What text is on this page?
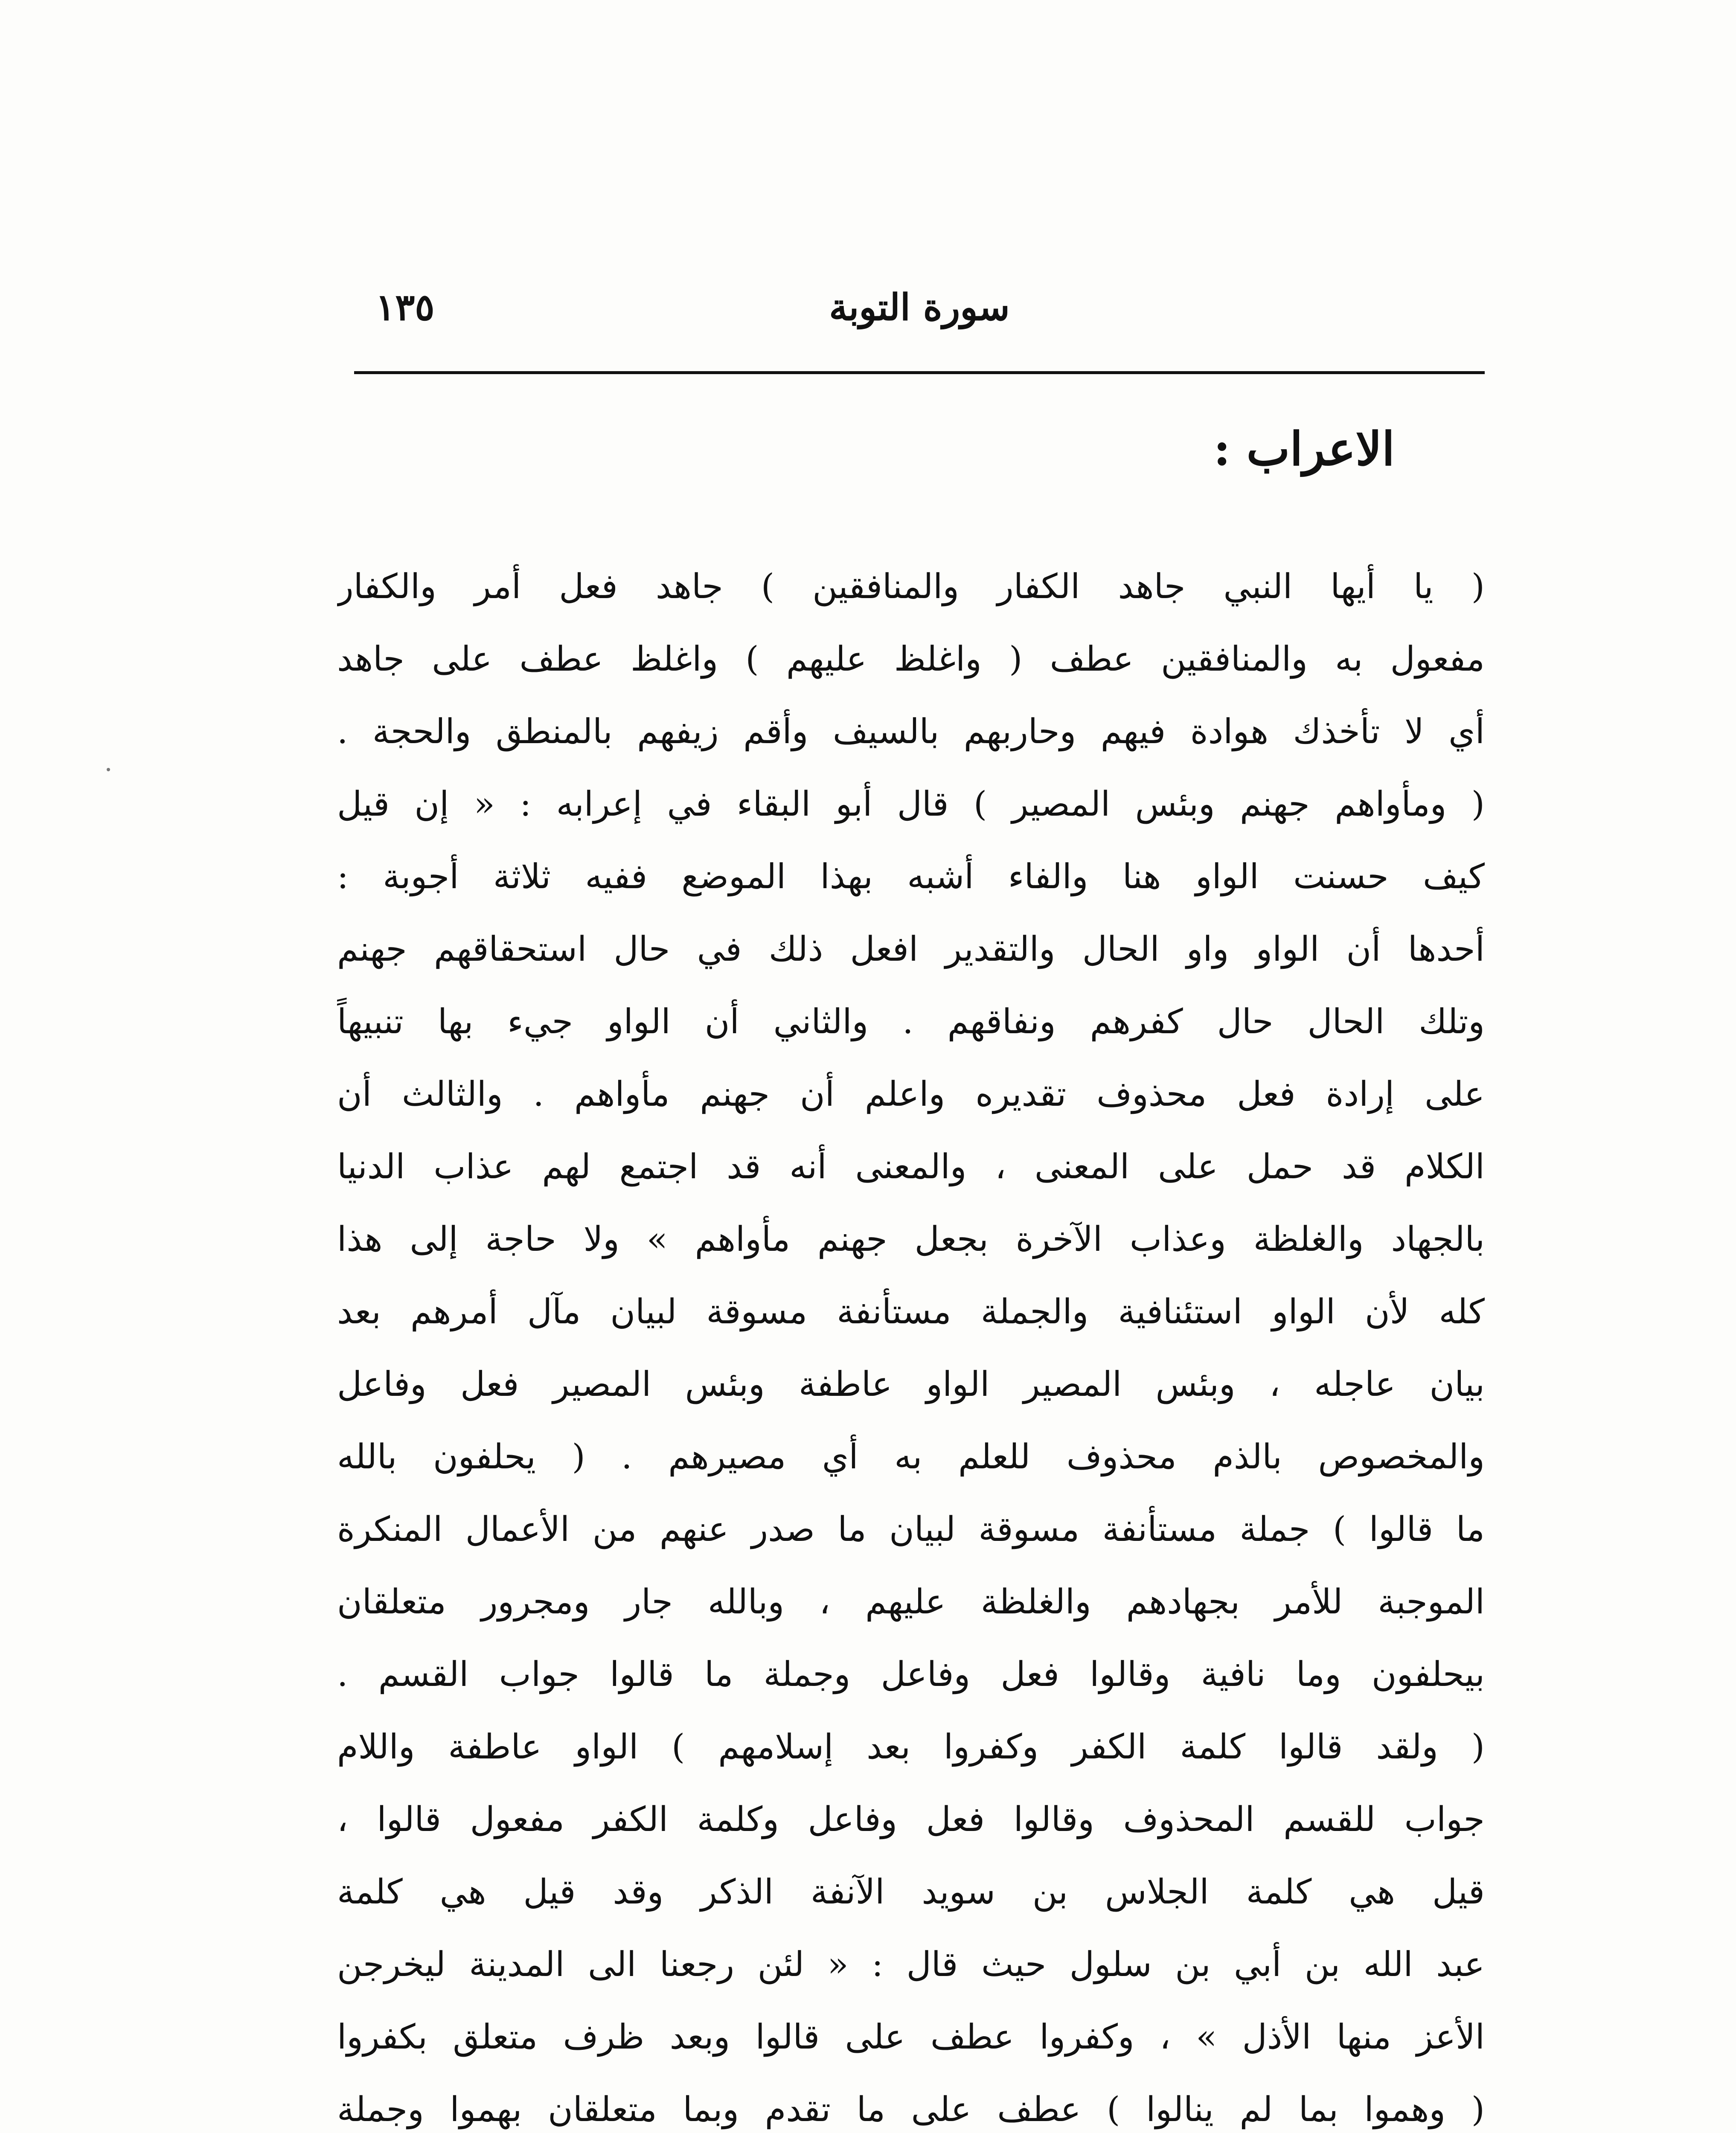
سورة التوبة
١٣٥
الاعراب :
( يا أيها النبي جاهد الكفار والمنافقين ) جاهد فعل أمر والكفار
مفعول به والمنافقين عطف ( واغلظ عليهم ) واغلظ عطف على جاهد
أي لا تأخذك هوادة فيهم وحاربهم بالسيف وأقم زيفهم بالمنطق والحجة .
( ومأواهم جهنم وبئس المصير ) قال أبو البقاء في إعرابه : « إن قيل
كيف حسنت الواو هنا والفاء أشبه بهذا الموضع ففيه ثلاثة أجوبة :
أحدها أن الواو واو الحال والتقدير افعل ذلك في حال استحقاقهم جهنم
وتلك الحال حال كفرهم ونفاقهم . والثاني أن الواو جيء بها تنبيهاً
على إرادة فعل محذوف تقديره واعلم أن جهنم مأواهم . والثالث أن
الكلام قد حمل على المعنى ، والمعنى أنه قد اجتمع لهم عذاب الدنيا
بالجهاد والغلظة وعذاب الآخرة بجعل جهنم مأواهم » ولا حاجة إلى هذا
كله لأن الواو استئنافية والجملة مستأنفة مسوقة لبيان مآل أمرهم بعد
بيان عاجله ، وبئس المصير الواو عاطفة وبئس المصير فعل وفاعل
والمخصوص بالذم محذوف للعلم به أي مصيرهم . ( يحلفون بالله
ما قالوا ) جملة مستأنفة مسوقة لبيان ما صدر عنهم من الأعمال المنكرة
الموجبة للأمر بجهادهم والغلظة عليهم ، وبالله جار ومجرور متعلقان
بيحلفون وما نافية وقالوا فعل وفاعل وجملة ما قالوا جواب القسم .
( ولقد قالوا كلمة الكفر وكفروا بعد إسلامهم ) الواو عاطفة واللام
جواب للقسم المحذوف وقالوا فعل وفاعل وكلمة الكفر مفعول قالوا ،
قيل هي كلمة الجلاس بن سويد الآنفة الذكر وقد قيل هي كلمة
عبد الله بن أبي بن سلول حيث قال : « لئن رجعنا الى المدينة ليخرجن
الأعز منها الأذل » ، وكفروا عطف على قالوا وبعد ظرف متعلق بكفروا
( وهموا بما لم ينالوا ) عطف على ما تقدم وبما متعلقان بهموا وجملة
